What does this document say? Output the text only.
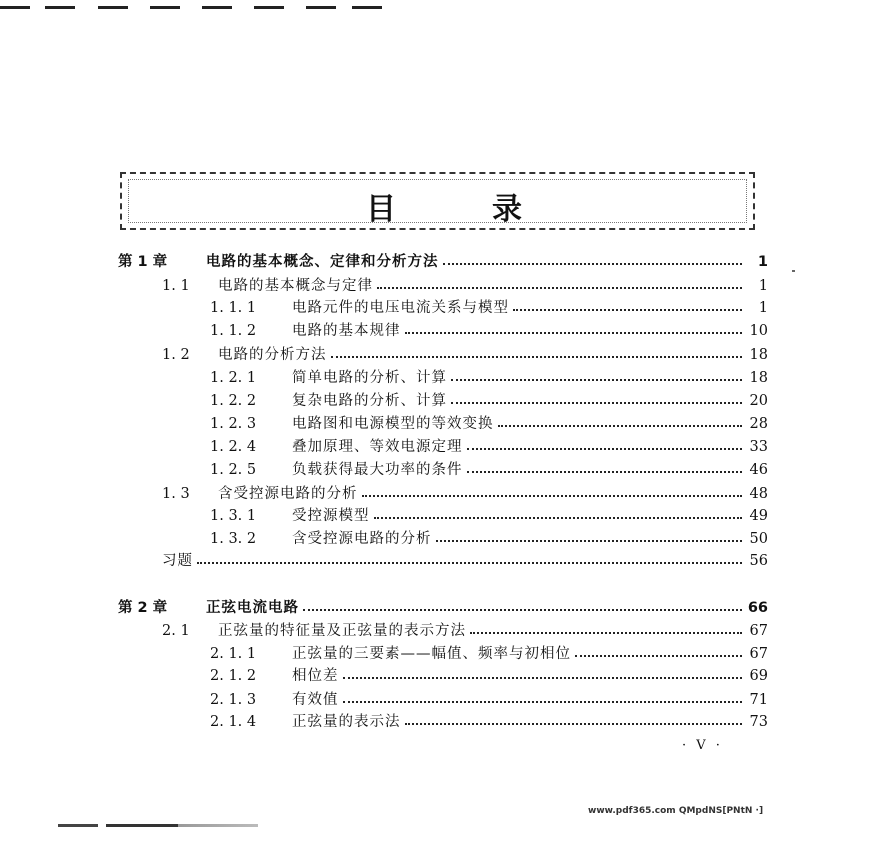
目	录
第 1 章	电路的基本概念、定律和分析方法	1
1. 1	电路的基本概念与定律	1
1. 1. 1	电路元件的电压电流关系与模型	1
1. 1. 2	电路的基本规律	10
1. 2	电路的分析方法	18
1. 2. 1	简单电路的分析、计算	18
1. 2. 2	复杂电路的分析、计算	20
1. 2. 3	电路图和电源模型的等效变换	28
1. 2. 4	叠加原理、等效电源定理	33
1. 2. 5	负载获得最大功率的条件	46
1. 3	含受控源电路的分析	48
1. 3. 1	受控源模型	49
1. 3. 2	含受控源电路的分析	50
习题	56
第 2 章	正弦电流电路	66
2. 1	正弦量的特征量及正弦量的表示方法	67
2. 1. 1	正弦量的三要素——幅值、频率与初相位	67
2. 1. 2	相位差	69
2. 1. 3	有效值	71
2. 1. 4	正弦量的表示法	73
· V ·
www.pdf365.com QMpdNS[PNtN ·]
